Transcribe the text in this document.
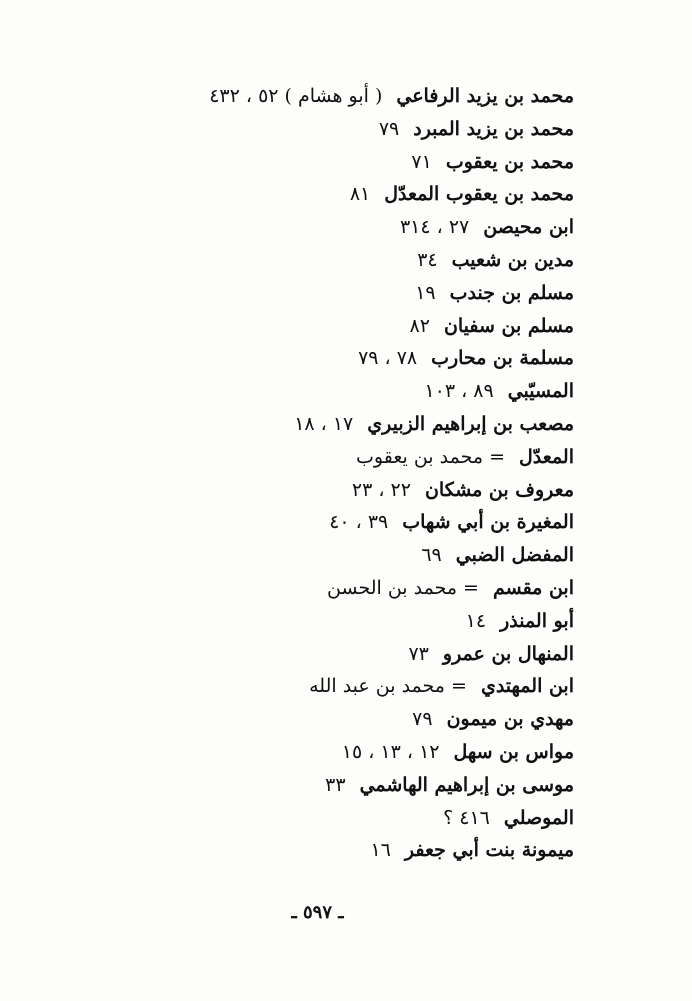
محمد بن يزيد الرفاعي( أبو هشام ) ٥٢ ، ٤٣٢
محمد بن يزيد المبرد٧٩
محمد بن يعقوب٧١
محمد بن يعقوب المعدّل٨١
ابن محيصن٢٧ ، ٣١٤
مدين بن شعيب٣٤
مسلم بن جندب١٩
مسلم بن سفيان٨٢
مسلمة بن محارب٧٨ ، ٧٩
المسيّبي٨٩ ، ١٠٣
مصعب بن إبراهيم الزبيري١٧ ، ١٨
المعدّل= محمد بن يعقوب
معروف بن مشكان٢٢ ، ٢٣
المغيرة بن أبي شهاب٣٩ ، ٤٠
المفضل الضبي٦٩
ابن مقسم= محمد بن الحسن
أبو المنذر١٤
المنهال بن عمرو٧٣
ابن المهتدي= محمد بن عبد الله
مهدي بن ميمون٧٩
مواس بن سهل١٢ ، ١٣ ، ١٥
موسى بن إبراهيم الهاشمي٣٣
الموصلي٤١٦ ؟
ميمونة بنت أبي جعفر١٦
ـ ٥٩٧ ـ
